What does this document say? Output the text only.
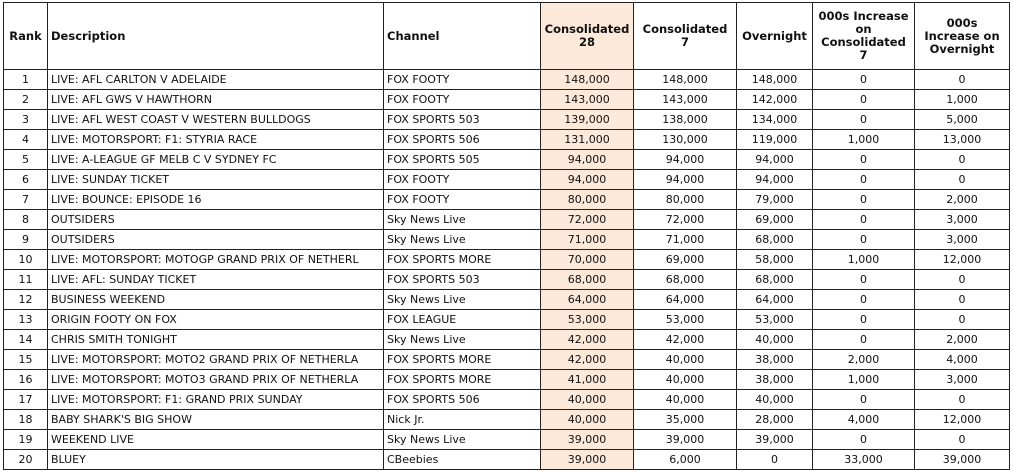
Rank	Description	Channel	Consolidated 28	Consolidated 7	Overnight	000s Increase on Consolidated 7	000s Increase on Overnight
1	LIVE: AFL CARLTON V ADELAIDE	FOX FOOTY	148,000	148,000	148,000	0	0
2	LIVE: AFL GWS V HAWTHORN	FOX FOOTY	143,000	143,000	142,000	0	1,000
3	LIVE: AFL WEST COAST V WESTERN BULLDOGS	FOX SPORTS 503	139,000	138,000	134,000	0	5,000
4	LIVE: MOTORSPORT: F1: STYRIA RACE	FOX SPORTS 506	131,000	130,000	119,000	1,000	13,000
5	LIVE: A-LEAGUE GF MELB C V SYDNEY FC	FOX SPORTS 505	94,000	94,000	94,000	0	0
6	LIVE: SUNDAY TICKET	FOX FOOTY	94,000	94,000	94,000	0	0
7	LIVE: BOUNCE: EPISODE 16	FOX FOOTY	80,000	80,000	79,000	0	2,000
8	OUTSIDERS	Sky News Live	72,000	72,000	69,000	0	3,000
9	OUTSIDERS	Sky News Live	71,000	71,000	68,000	0	3,000
10	LIVE: MOTORSPORT: MOTOGP GRAND PRIX OF NETHERL	FOX SPORTS MORE	70,000	69,000	58,000	1,000	12,000
11	LIVE: AFL: SUNDAY TICKET	FOX SPORTS 503	68,000	68,000	68,000	0	0
12	BUSINESS WEEKEND	Sky News Live	64,000	64,000	64,000	0	0
13	ORIGIN FOOTY ON FOX	FOX LEAGUE	53,000	53,000	53,000	0	0
14	CHRIS SMITH TONIGHT	Sky News Live	42,000	42,000	40,000	0	2,000
15	LIVE: MOTORSPORT: MOTO2 GRAND PRIX OF NETHERLA	FOX SPORTS MORE	42,000	40,000	38,000	2,000	4,000
16	LIVE: MOTORSPORT: MOTO3 GRAND PRIX OF NETHERLA	FOX SPORTS MORE	41,000	40,000	38,000	1,000	3,000
17	LIVE: MOTORSPORT: F1: GRAND PRIX SUNDAY	FOX SPORTS 506	40,000	40,000	40,000	0	0
18	BABY SHARK'S BIG SHOW	Nick Jr.	40,000	35,000	28,000	4,000	12,000
19	WEEKEND LIVE	Sky News Live	39,000	39,000	39,000	0	0
20	BLUEY	CBeebies	39,000	6,000	0	33,000	39,000
